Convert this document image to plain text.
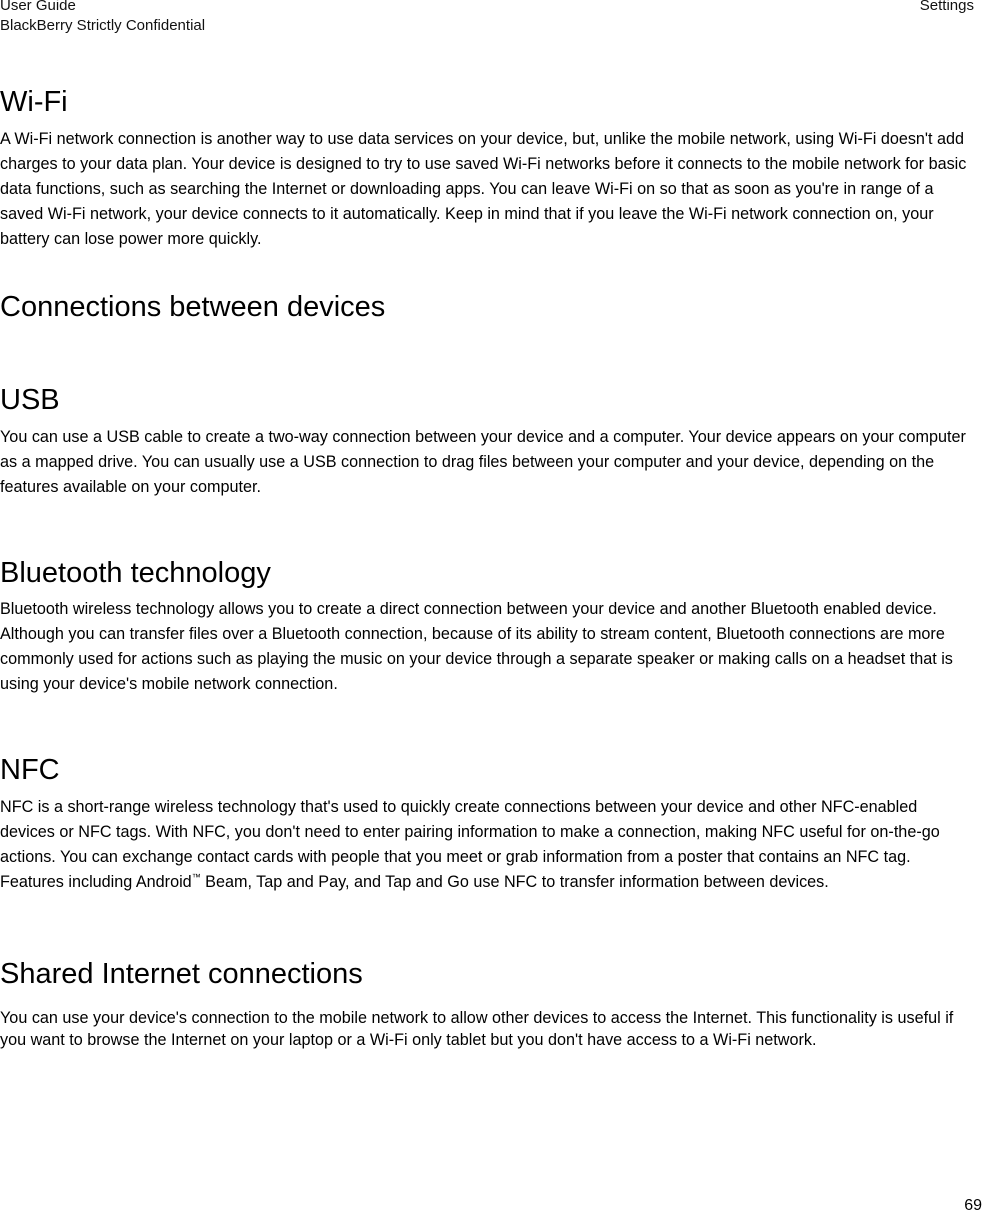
User Guide
BlackBerry Strictly Confidential
Settings
Wi-Fi

A Wi-Fi network connection is another way to use data services on your device, but, unlike the mobile network, using Wi-Fi doesn't add charges to your data plan. Your device is designed to try to use saved Wi-Fi networks before it connects to the mobile network for basic data functions, such as searching the Internet or downloading apps. You can leave Wi-Fi on so that as soon as you're in range of a saved Wi-Fi network, your device connects to it automatically. Keep in mind that if you leave the Wi-Fi network connection on, your battery can lose power more quickly.

Connections between devices
USB

You can use a USB cable to create a two-way connection between your device and a computer. Your device appears on your computer as a mapped drive. You can usually use a USB connection to drag files between your computer and your device, depending on the features available on your computer.

Bluetooth technology

Bluetooth wireless technology allows you to create a direct connection between your device and another Bluetooth enabled device. Although you can transfer files over a Bluetooth connection, because of its ability to stream content, Bluetooth connections are more commonly used for actions such as playing the music on your device through a separate speaker or making calls on a headset that is using your device's mobile network connection.

NFC

NFC is a short-range wireless technology that's used to quickly create connections between your device and other NFC-enabled devices or NFC tags. With NFC, you don't need to enter pairing information to make a connection, making NFC useful for on-the-go actions. You can exchange contact cards with people that you meet or grab information from a poster that contains an NFC tag. Features including Android™ Beam, Tap and Pay, and Tap and Go use NFC to transfer information between devices.

Shared Internet connections

You can use your device's connection to the mobile network to allow other devices to access the Internet. This functionality is useful if you want to browse the Internet on your laptop or a Wi-Fi only tablet but you don't have access to a Wi-Fi network.

69
